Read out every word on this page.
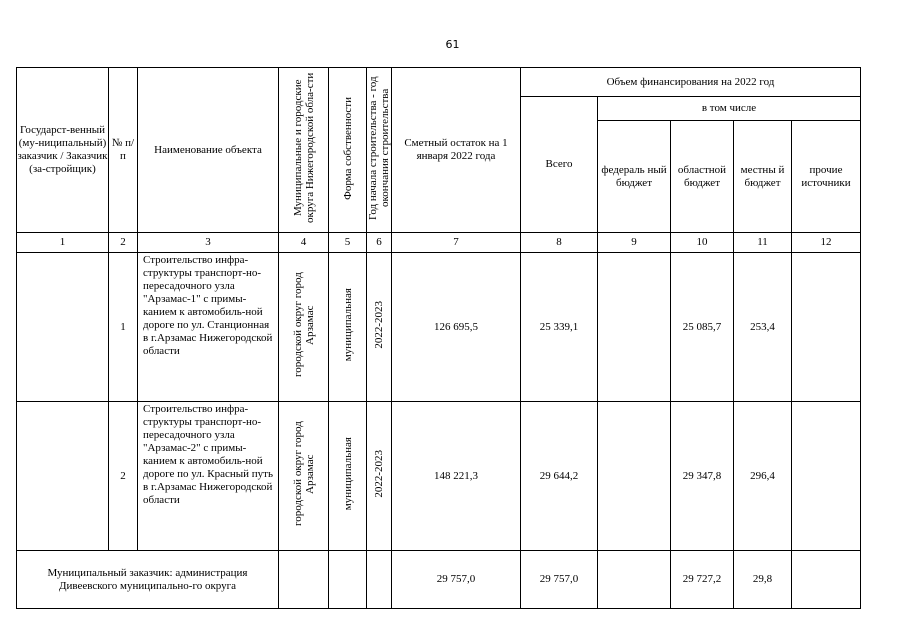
61
Государст-венный (му-ниципальный) заказчик / Заказчик (за-стройщик)	№ п/п	Наименование объекта	Муниципальные и городские округа Нижегородской обла-сти	Форма собственности	Год начала строительства - год окончания строительства	Сметный остаток на 1 января 2022 года	Объем финансирования на 2022 год				
							Всего	в том числе			
								федераль ный бюджет	областной бюджет	местны й бюджет	прочие источники
1	2	3	4	5	6	7	8	9	10	11	12
	1	Строительство инфра-структуры транспорт-но-пересадочного узла "Арзамас-1" с примы-канием к автомобиль-ной дороге по ул. Станционная в г.Арзамас Нижегородской области	городской округ город Арзамас	муниципальная	2022-2023	126 695,5	25 339,1		25 085,7	253,4	
	2	Строительство инфра-структуры транспорт-но-пересадочного узла "Арзамас-2" с примы-канием к автомобиль-ной дороге по ул. Красный путь в г.Арзамас Нижегородской области	городской округ город Арзамас	муниципальная	2022-2023	148 221,3	29 644,2		29 347,8	296,4	
Муниципальный заказчик: администрация Дивеевского муниципально-го округа						29 757,0	29 757,0		29 727,2	29,8	
